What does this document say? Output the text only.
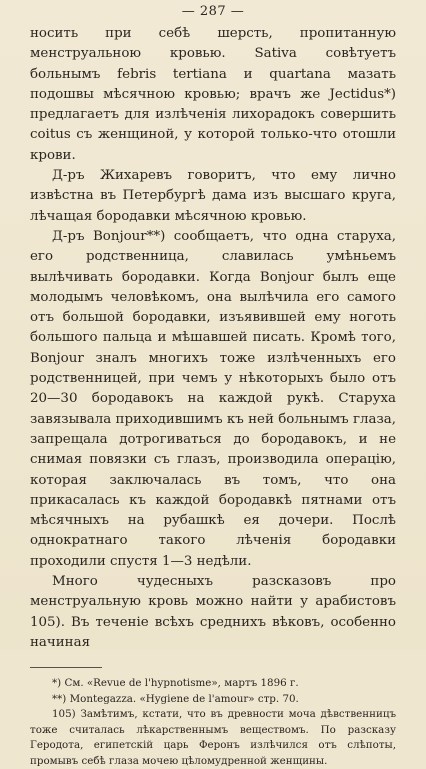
— 287 —

носить при себѣ шерсть, пропитанную менструальною кровью. Sativa совѣтуетъ больнымъ febris tertiana и quartana мазать подошвы мѣсячною кровью; врачъ же Jectidus*) предлагаетъ для излѣченія лихорадокъ совершить coitus съ женщиной, у которой только-что отошли крови.

Д-ръ Жихаревъ говоритъ, что ему лично извѣстна въ Петербургѣ дама изъ высшаго круга, лѣчащая бородавки мѣсячною кровью.

Д-ръ Bonjour**) сообщаетъ, что одна старуха, его родственница, славилась умѣньемъ вылѣчивать бородавки. Когда Bonjour былъ еще молодымъ человѣкомъ, она вылѣчила его самого отъ большой бородавки, изъявившей ему ноготь большого пальца и мѣшавшей писать. Кромѣ того, Bonjour зналъ многихъ тоже излѣченныхъ его родственницей, при чемъ у нѣкоторыхъ было отъ 20—30 бородавокъ на каждой рукѣ. Старуха завязывала приходившимъ къ ней больнымъ глаза, запрещала дотрогиваться до бородавокъ, и не снимая повязки съ глазъ, производила операцію, которая заключалась въ томъ, что она прикасалась къ каждой бородавкѣ пятнами отъ мѣсячныхъ на рубашкѣ ея дочери. Послѣ однократнаго такого лѣченія бородавки проходили спустя 1—3 недѣли.

Много чудесныхъ разсказовъ про менструальную кровь можно найти у арабистовъ 105). Въ теченіе всѣхъ среднихъ вѣковъ, особенно начиная

*) См. «Revue de l'hypnotisme», мартъ 1896 г.

**) Montegazza. «Hygiene de l'amour» стр. 70.

105) Замѣтимъ, кстати, что въ древности моча дѣвственницъ тоже считалась лѣкарственнымъ веществомъ. По разсказу Геродота, египетскій царь Феронъ излѣчился отъ слѣпоты, промывъ себѣ глаза мочею цѣломудренной женщины.
